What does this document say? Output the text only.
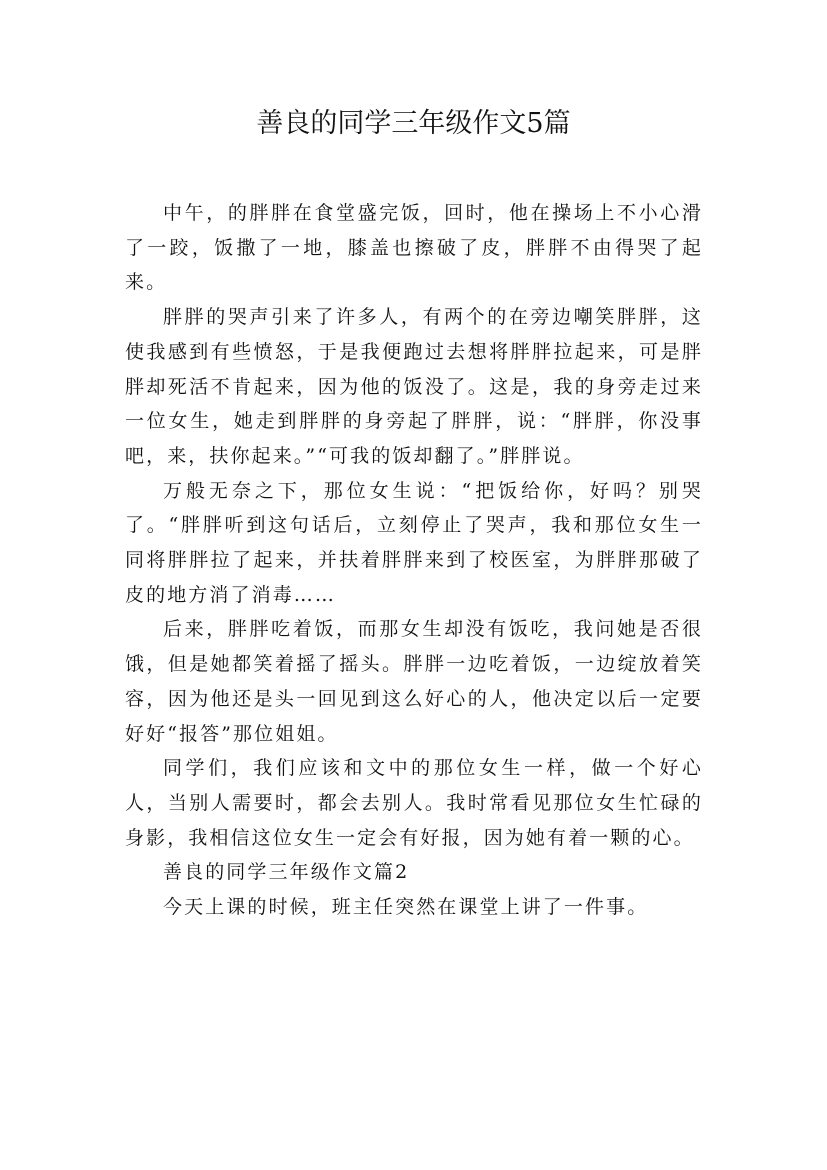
善良的同学三年级作文5篇

中午，的胖胖在食堂盛完饭，回时，他在操场上不小心滑了一跤，饭撒了一地，膝盖也擦破了皮，胖胖不由得哭了起来。

胖胖的哭声引来了许多人，有两个的在旁边嘲笑胖胖，这使我感到有些愤怒，于是我便跑过去想将胖胖拉起来，可是胖胖却死活不肯起来，因为他的饭没了。这是，我的身旁走过来一位女生，她走到胖胖的身旁起了胖胖，说：“胖胖，你没事吧，来，扶你起来。”“可我的饭却翻了。”胖胖说。

万般无奈之下，那位女生说：“把饭给你，好吗？别哭了。“胖胖听到这句话后，立刻停止了哭声，我和那位女生一同将胖胖拉了起来，并扶着胖胖来到了校医室，为胖胖那破了皮的地方消了消毒……

后来，胖胖吃着饭，而那女生却没有饭吃，我问她是否很饿，但是她都笑着摇了摇头。胖胖一边吃着饭，一边绽放着笑容，因为他还是头一回见到这么好心的人，他决定以后一定要好好“报答”那位姐姐。

同学们，我们应该和文中的那位女生一样，做一个好心人，当别人需要时，都会去别人。我时常看见那位女生忙碌的身影，我相信这位女生一定会有好报，因为她有着一颗的心。

善良的同学三年级作文篇2

今天上课的时候，班主任突然在课堂上讲了一件事。
